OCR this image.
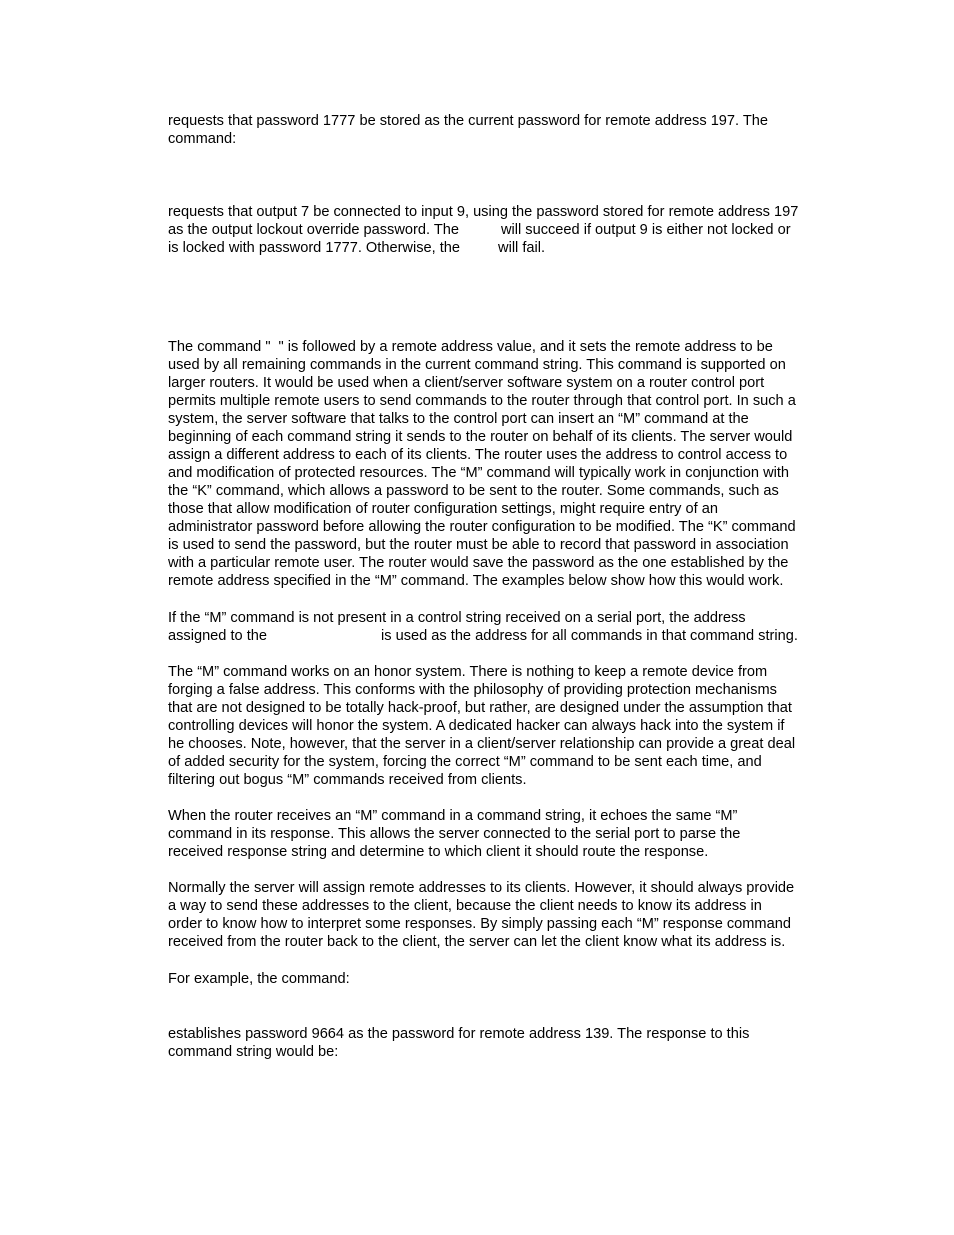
requests that password 1777 be stored as the current password for remote address 197. The
command:
requests that output 7 be connected to input 9, using the password stored for remote address 197
as the output lockout override password. The	will succeed if output 9 is either not locked or
is locked with password 1777. Otherwise, the	will fail.
The command " " is followed by a remote address value, and it sets the remote address to be
used by all remaining commands in the current command string. This command is supported on
larger routers. It would be used when a client/server software system on a router control port
permits multiple remote users to send commands to the router through that control port. In such a
system, the server software that talks to the control port can insert an “M” command at the
beginning of each command string it sends to the router on behalf of its clients. The server would
assign a different address to each of its clients. The router uses the address to control access to
and modification of protected resources. The “M” command will typically work in conjunction with
the “K” command, which allows a password to be sent to the router. Some commands, such as
those that allow modification of router configuration settings, might require entry of an
administrator password before allowing the router configuration to be modified. The “K” command
is used to send the password, but the router must be able to record that password in association
with a particular remote user. The router would save the password as the one established by the
remote address specified in the “M” command. The examples below show how this would work.
If the “M” command is not present in a control string received on a serial port, the address
assigned to the	is used as the address for all commands in that command string.
The “M” command works on an honor system. There is nothing to keep a remote device from
forging a false address. This conforms with the philosophy of providing protection mechanisms
that are not designed to be totally hack-proof, but rather, are designed under the assumption that
controlling devices will honor the system. A dedicated hacker can always hack into the system if
he chooses. Note, however, that the server in a client/server relationship can provide a great deal
of added security for the system, forcing the correct “M” command to be sent each time, and
filtering out bogus “M” commands received from clients.
When the router receives an “M” command in a command string, it echoes the same “M”
command in its response. This allows the server connected to the serial port to parse the
received response string and determine to which client it should route the response.
Normally the server will assign remote addresses to its clients. However, it should always provide
a way to send these addresses to the client, because the client needs to know its address in
order to know how to interpret some responses. By simply passing each “M” response command
received from the router back to the client, the server can let the client know what its address is.
For example, the command:
establishes password 9664 as the password for remote address 139. The response to this
command string would be:
